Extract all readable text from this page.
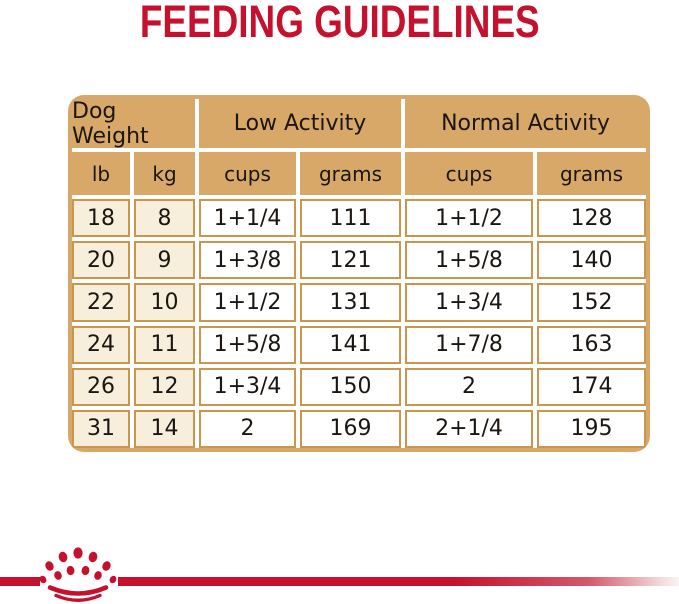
FEEDING GUIDELINES
Dog Weight	Low Activity	Normal Activity
lb	kg	cups	grams	cups	grams
18	8	1+1/4	111	1+1/2	128
20	9	1+3/8	121	1+5/8	140
22	10	1+1/2	131	1+3/4	152
24	11	1+5/8	141	1+7/8	163
26	12	1+3/4	150	2	174
31	14	2	169	2+1/4	195
